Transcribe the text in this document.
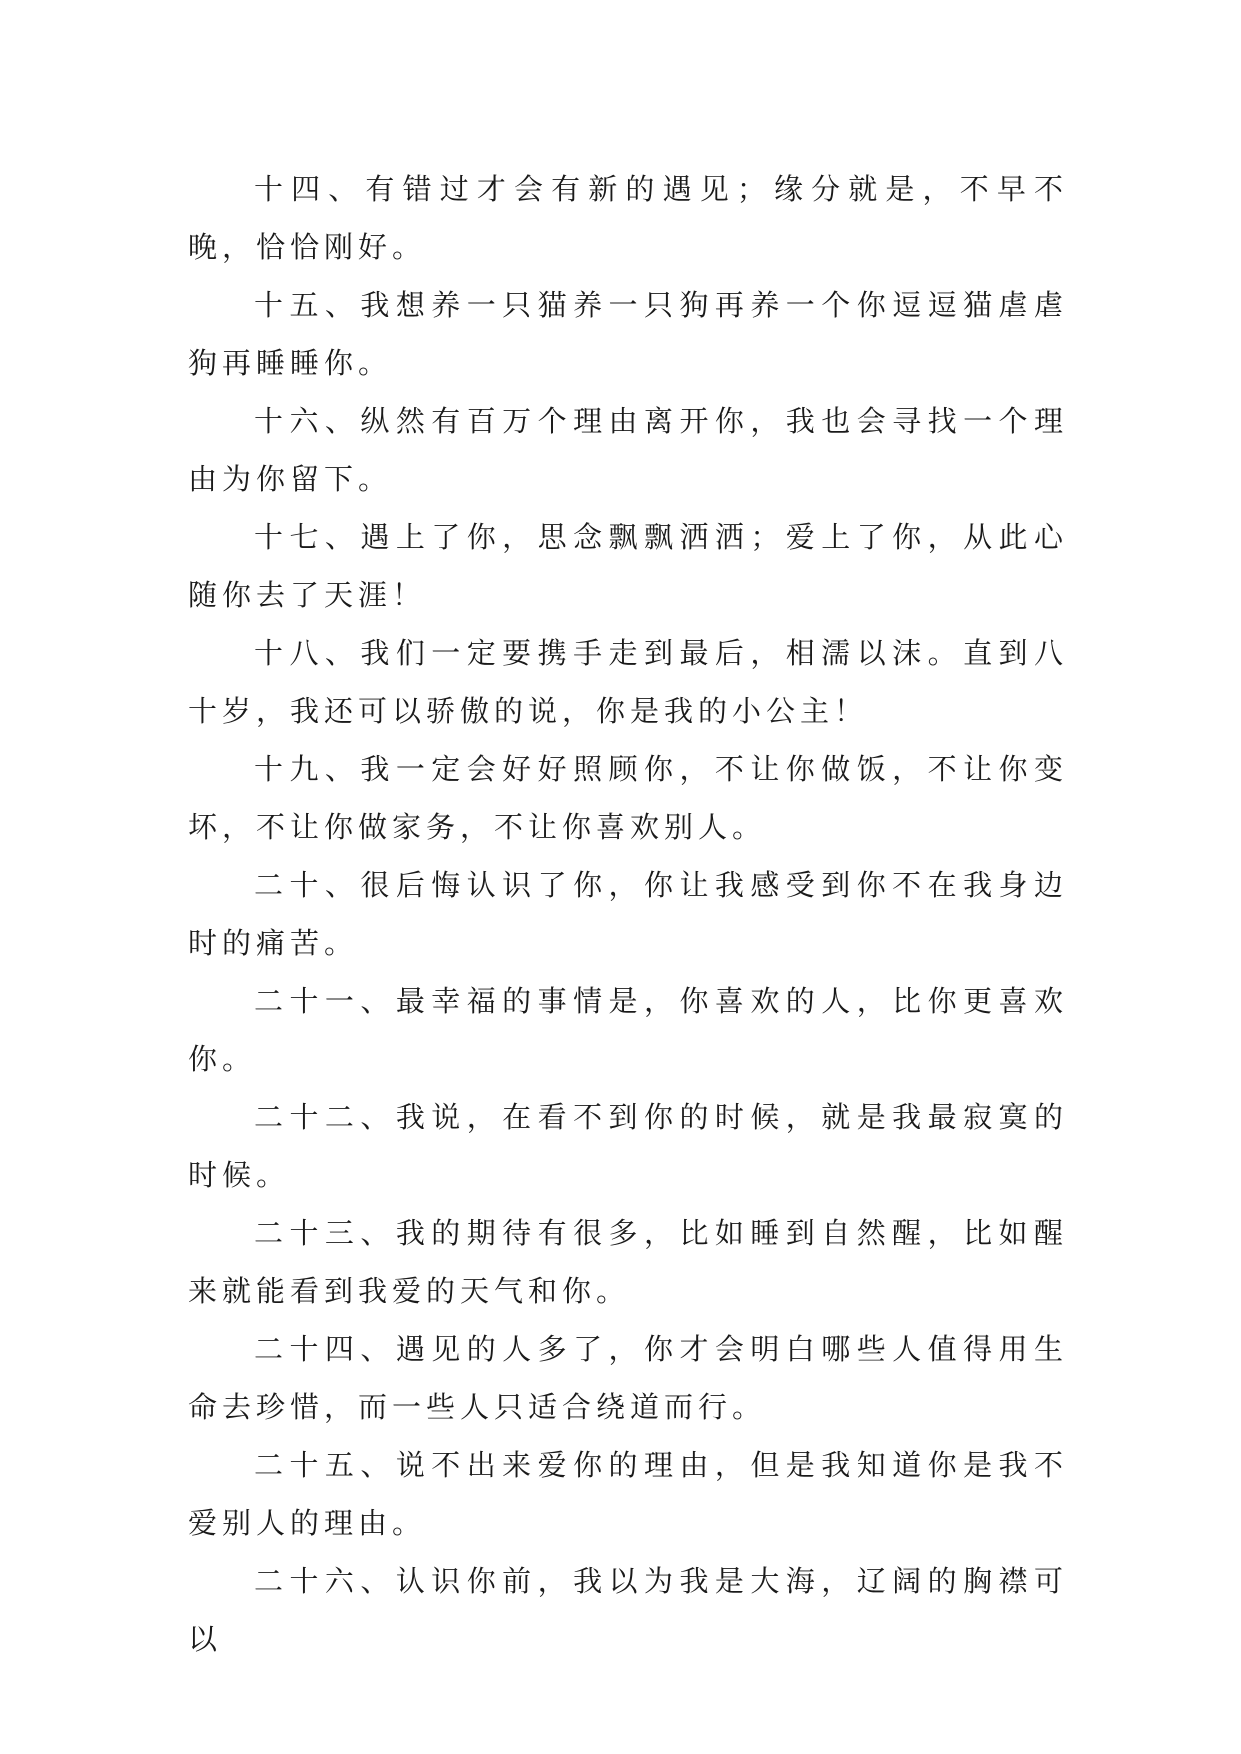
十四、有错过才会有新的遇见；缘分就是，不早不晚，恰恰刚好。

十五、我想养一只猫养一只狗再养一个你逗逗猫虐虐狗再睡睡你。

十六、纵然有百万个理由离开你，我也会寻找一个理由为你留下。

十七、遇上了你，思念飘飘洒洒；爱上了你，从此心随你去了天涯！

十八、我们一定要携手走到最后，相濡以沫。直到八十岁，我还可以骄傲的说，你是我的小公主！

十九、我一定会好好照顾你，不让你做饭，不让你变坏，不让你做家务，不让你喜欢别人。

二十、很后悔认识了你，你让我感受到你不在我身边时的痛苦。

二十一、最幸福的事情是，你喜欢的人，比你更喜欢你。

二十二、我说，在看不到你的时候，就是我最寂寞的时候。

二十三、我的期待有很多，比如睡到自然醒，比如醒来就能看到我爱的天气和你。

二十四、遇见的人多了，你才会明白哪些人值得用生命去珍惜，而一些人只适合绕道而行。

二十五、说不出来爱你的理由，但是我知道你是我不爱别人的理由。

二十六、认识你前，我以为我是大海，辽阔的胸襟可以
